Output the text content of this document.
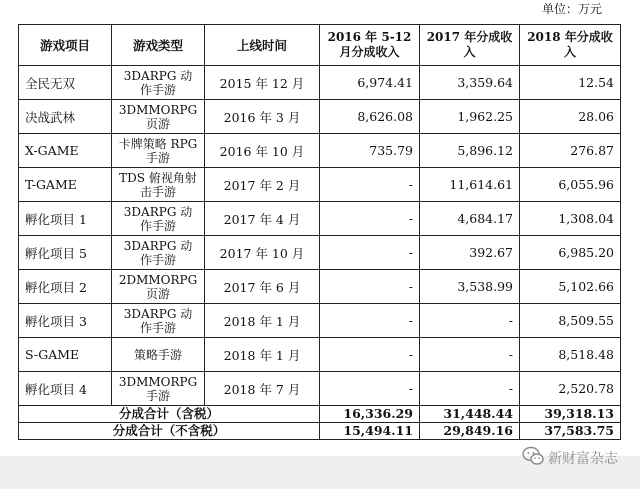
单位：万元
游戏项目	游戏类型	上线时间	2016 年 5-12 月分成收入	2017 年分成收入	2018 年分成收入
全民无双	3DARPG 动作手游	2015 年 12 月	6,974.41	3,359.64	12.54
决战武林	3DMMORPG 页游	2016 年 3 月	8,626.08	1,962.25	28.06
X-GAME	卡牌策略 RPG 手游	2016 年 10 月	735.79	5,896.12	276.87
T-GAME	TDS 俯视角射击手游	2017 年 2 月	-	11,614.61	6,055.96
孵化项目 1	3DARPG 动作手游	2017 年 4 月	-	4,684.17	1,308.04
孵化项目 5	3DARPG 动作手游	2017 年 10 月	-	392.67	6,985.20
孵化项目 2	2DMMORPG 页游	2017 年 6 月	-	3,538.99	5,102.66
孵化项目 3	3DARPG 动作手游	2018 年 1 月	-	-	8,509.55
S-GAME	策略手游	2018 年 1 月	-	-	8,518.48
孵化项目 4	3DMMORPG 手游	2018 年 7 月	-	-	2,520.78
分成合计（含税）			16,336.29	31,448.44	39,318.13
分成合计（不含税）			15,494.11	29,849.16	37,583.75
新财富杂志
